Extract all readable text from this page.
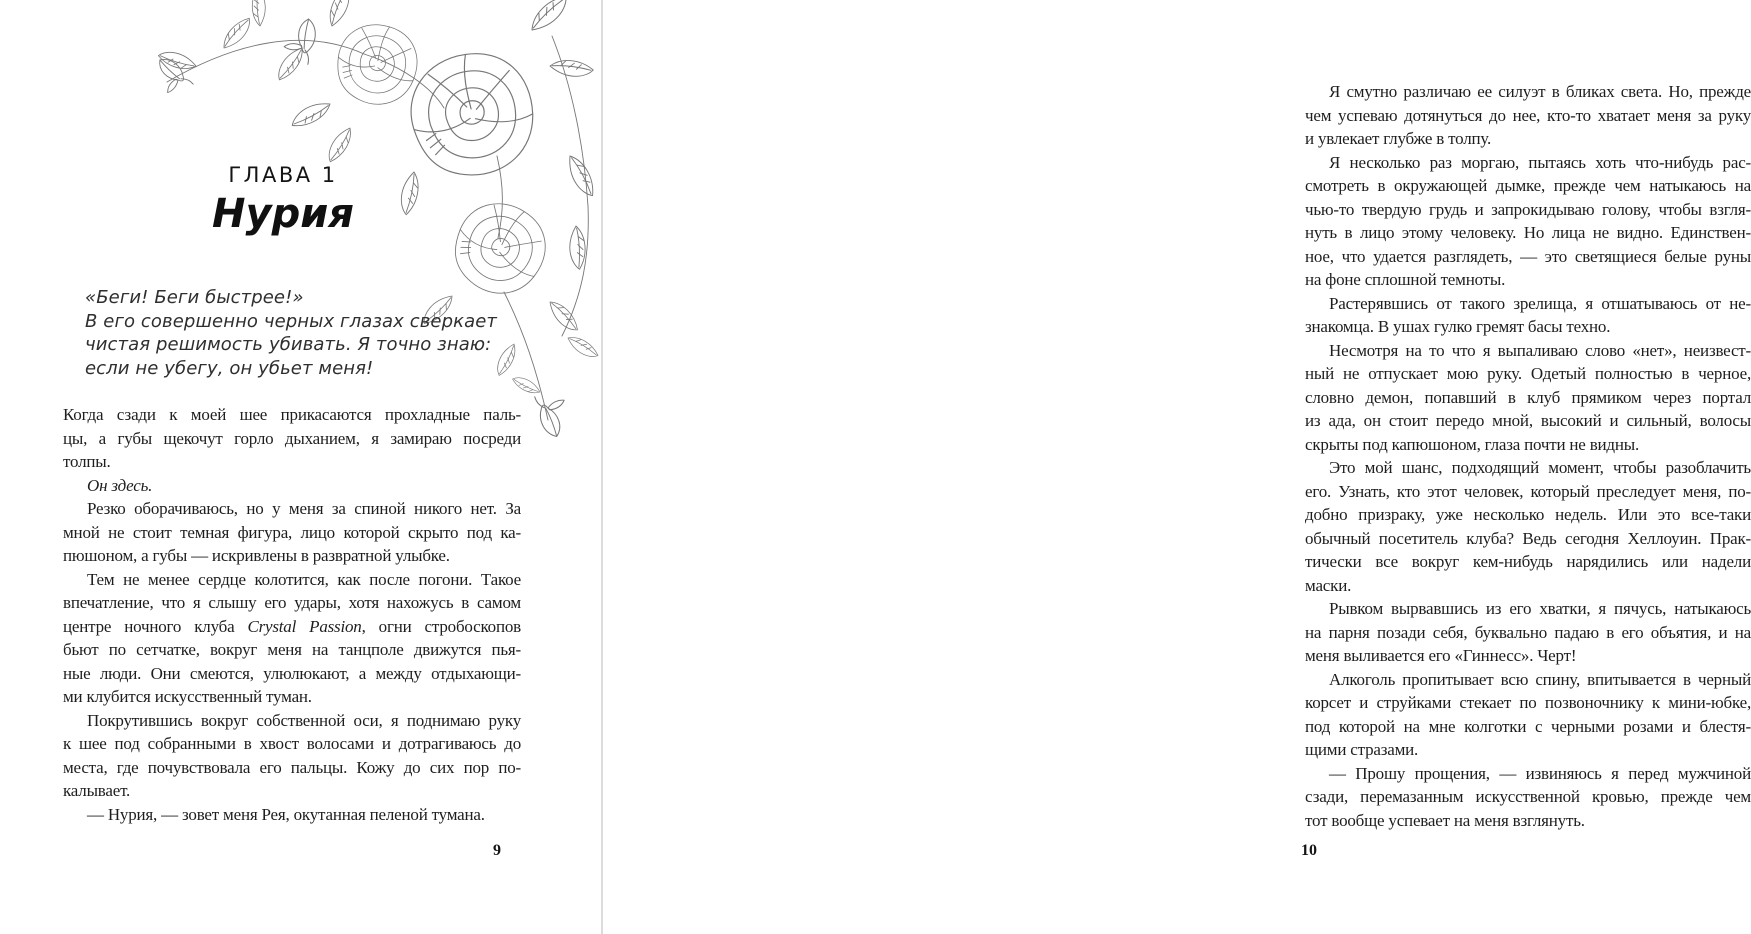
ГЛАВА 1
Нурия
«Беги! Беги быстрее!»
В его совершенно черных глазах сверкает
чистая решимость убивать. Я точно знаю:
если не убегу, он убьет меня!
Когда сзади к моей шее прикасаются прохладные паль-
цы, а губы щекочут горло дыханием, я замираю посреди
толпы.
Он здесь.
Резко оборачиваюсь, но у меня за спиной никого нет. За
мной не стоит темная фигура, лицо которой скрыто под ка-
пюшоном, а губы — искривлены в развратной улыбке.
Тем не менее сердце колотится, как после погони. Такое
впечатление, что я слышу его удары, хотя нахожусь в самом
центре ночного клуба Crystal Passion, огни стробоскопов
бьют по сетчатке, вокруг меня на танцполе движутся пья-
ные люди. Они смеются, улюлюкают, а между отдыхающи-
ми клубится искусственный туман.
Покрутившись вокруг собственной оси, я поднимаю руку
к шее под собранными в хвост волосами и дотрагиваюсь до
места, где почувствовала его пальцы. Кожу до сих пор по-
калывает.
— Нурия, — зовет меня Рея, окутанная пеленой тумана.
9
Я смутно различаю ее силуэт в бликах света. Но, прежде
чем успеваю дотянуться до нее, кто-то хватает меня за руку
и увлекает глубже в толпу.
Я несколько раз моргаю, пытаясь хоть что-нибудь рас-
смотреть в окружающей дымке, прежде чем натыкаюсь на
чью-то твердую грудь и запрокидываю голову, чтобы взгля-
нуть в лицо этому человеку. Но лица не видно. Единствен-
ное, что удается разглядеть, — это светящиеся белые руны
на фоне сплошной темноты.
Растерявшись от такого зрелища, я отшатываюсь от не-
знакомца. В ушах гулко гремят басы техно.
Несмотря на то что я выпаливаю слово «нет», неизвест-
ный не отпускает мою руку. Одетый полностью в черное,
словно демон, попавший в клуб прямиком через портал
из ада, он стоит передо мной, высокий и сильный, волосы
скрыты под капюшоном, глаза почти не видны.
Это мой шанс, подходящий момент, чтобы разоблачить
его. Узнать, кто этот человек, который преследует меня, по-
добно призраку, уже несколько недель. Или это все-таки
обычный посетитель клуба? Ведь сегодня Хеллоуин. Прак-
тически все вокруг кем-нибудь нарядились или надели
маски.
Рывком вырвавшись из его хватки, я пячусь, натыкаюсь
на парня позади себя, буквально падаю в его объятия, и на
меня выливается его «Гиннесс». Черт!
Алкоголь пропитывает всю спину, впитывается в черный
корсет и струйками стекает по позвоночнику к мини-юбке,
под которой на мне колготки с черными розами и блестя-
щими стразами.
— Прошу прощения, — извиняюсь я перед мужчиной
сзади, перемазанным искусственной кровью, прежде чем
тот вообще успевает на меня взглянуть.
10
